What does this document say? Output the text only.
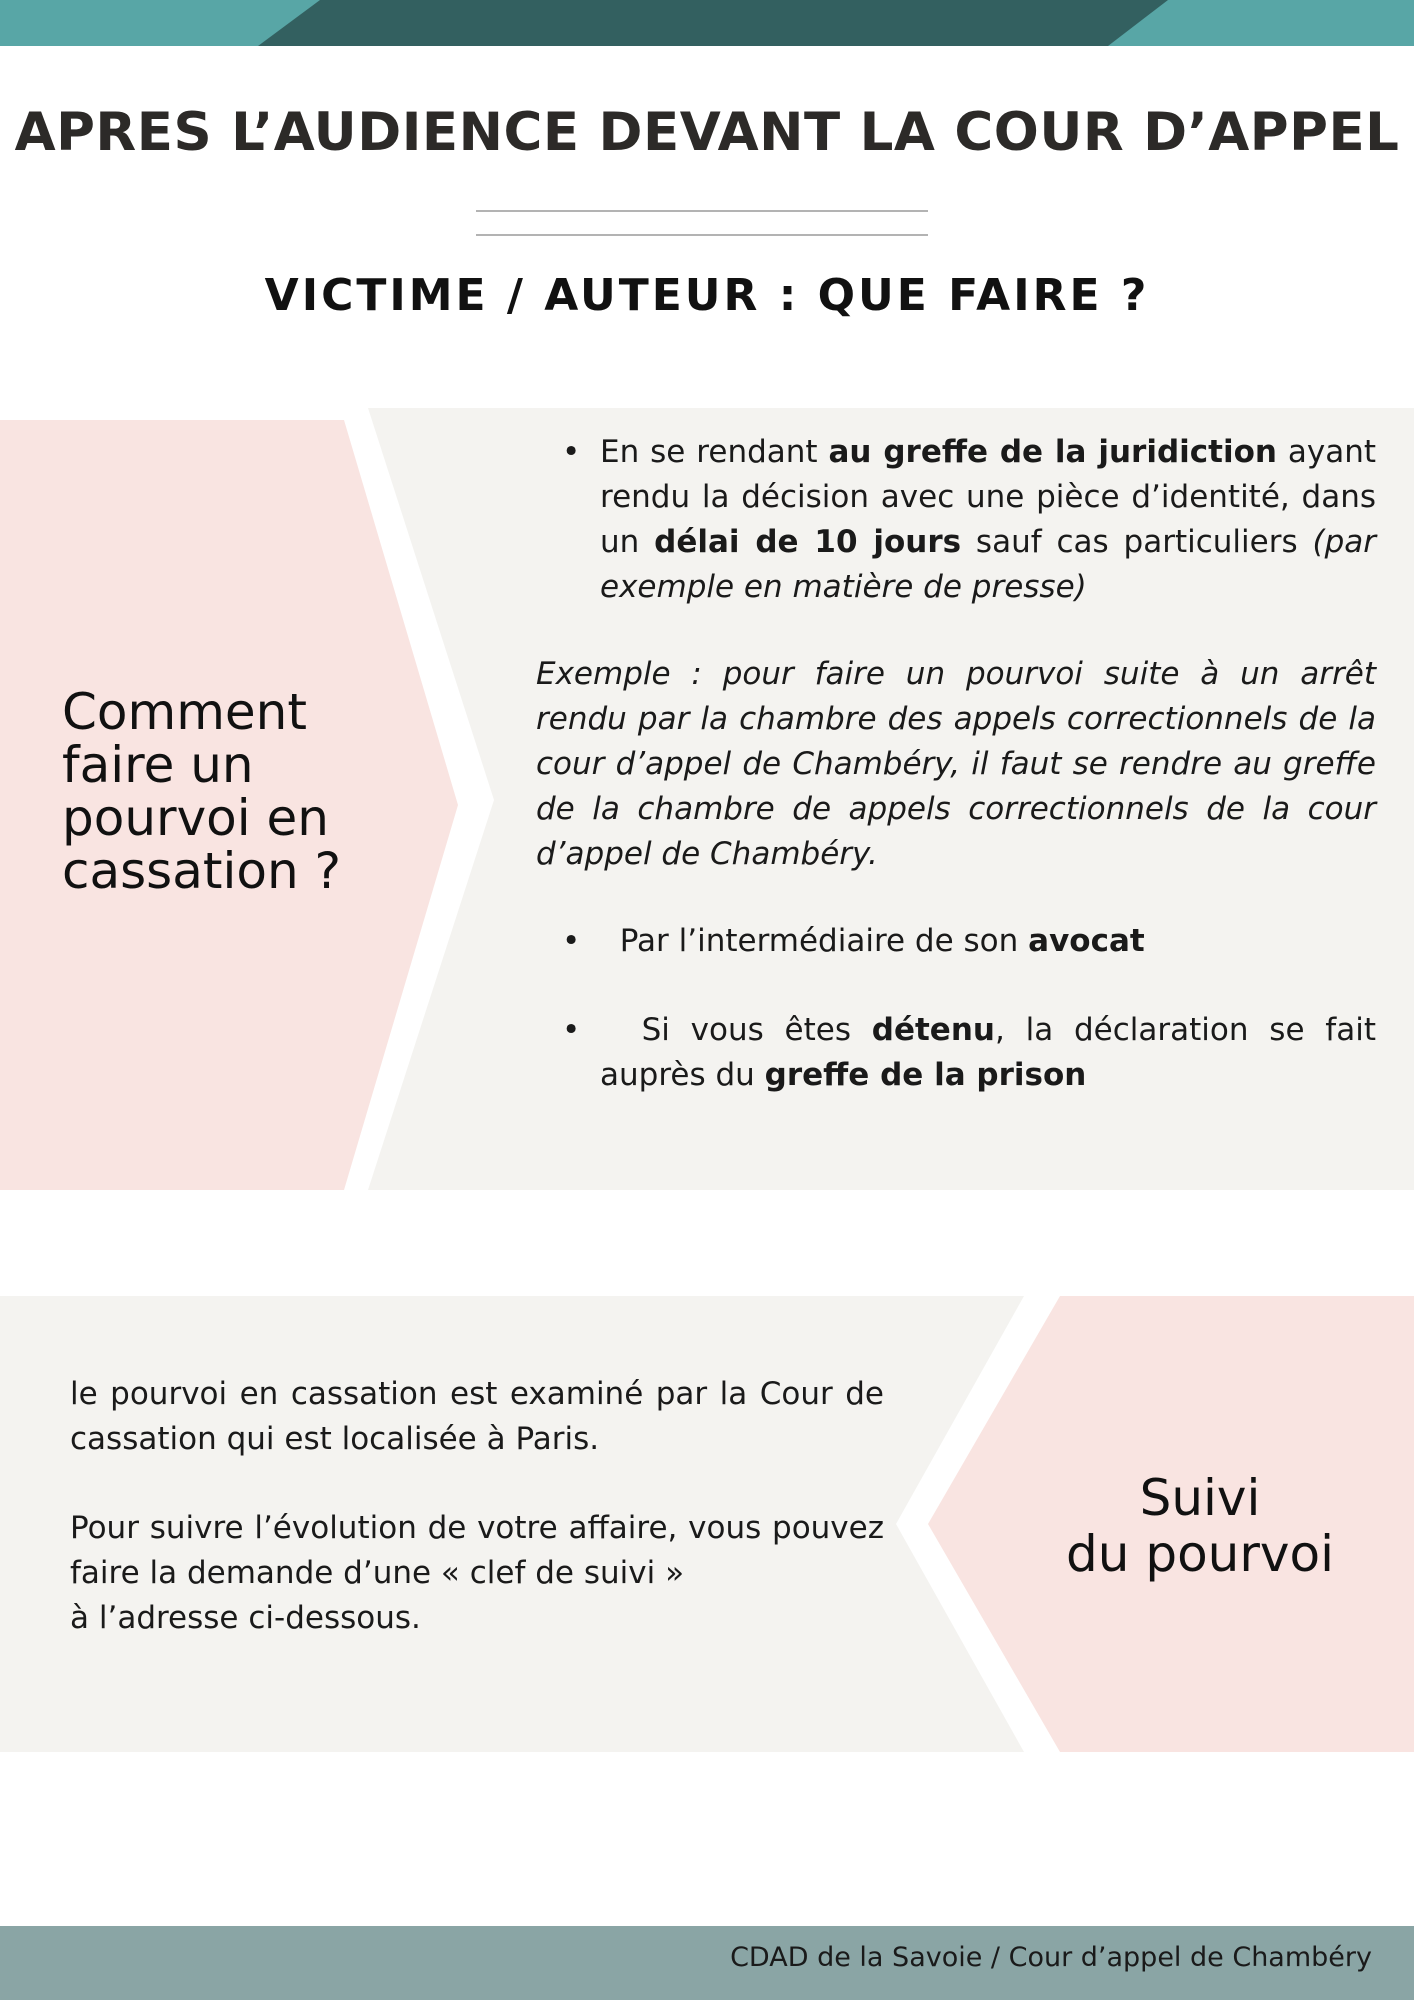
APRES L’AUDIENCE DEVANT LA COUR D’APPEL
VICTIME / AUTEUR : QUE FAIRE ?
Comment faire un pourvoi en cassation ?

• En se rendant au greffe de la juridiction ayant rendu la décision avec une pièce d’identité, dans un délai de 10 jours sauf cas particuliers (par exemple en matière de presse)

Exemple : pour faire un pourvoi suite à un arrêt rendu par la chambre des appels correctionnels de la cour d’appel de Chambéry, il faut se rendre au greffe de la chambre de appels correctionnels de la cour d’appel de Chambéry.

• Par l’intermédiaire de son avocat

• Si vous êtes détenu, la déclaration se fait auprès du greffe de la prison

Suivi
du pourvoi

le pourvoi en cassation est examiné par la Cour de cassation qui est localisée à Paris.

Pour suivre l’évolution de votre affaire, vous pouvez faire la demande d’une « clef de suivi »
à l’adresse ci-dessous.

CDAD de la Savoie / Cour d’appel de Chambéry
